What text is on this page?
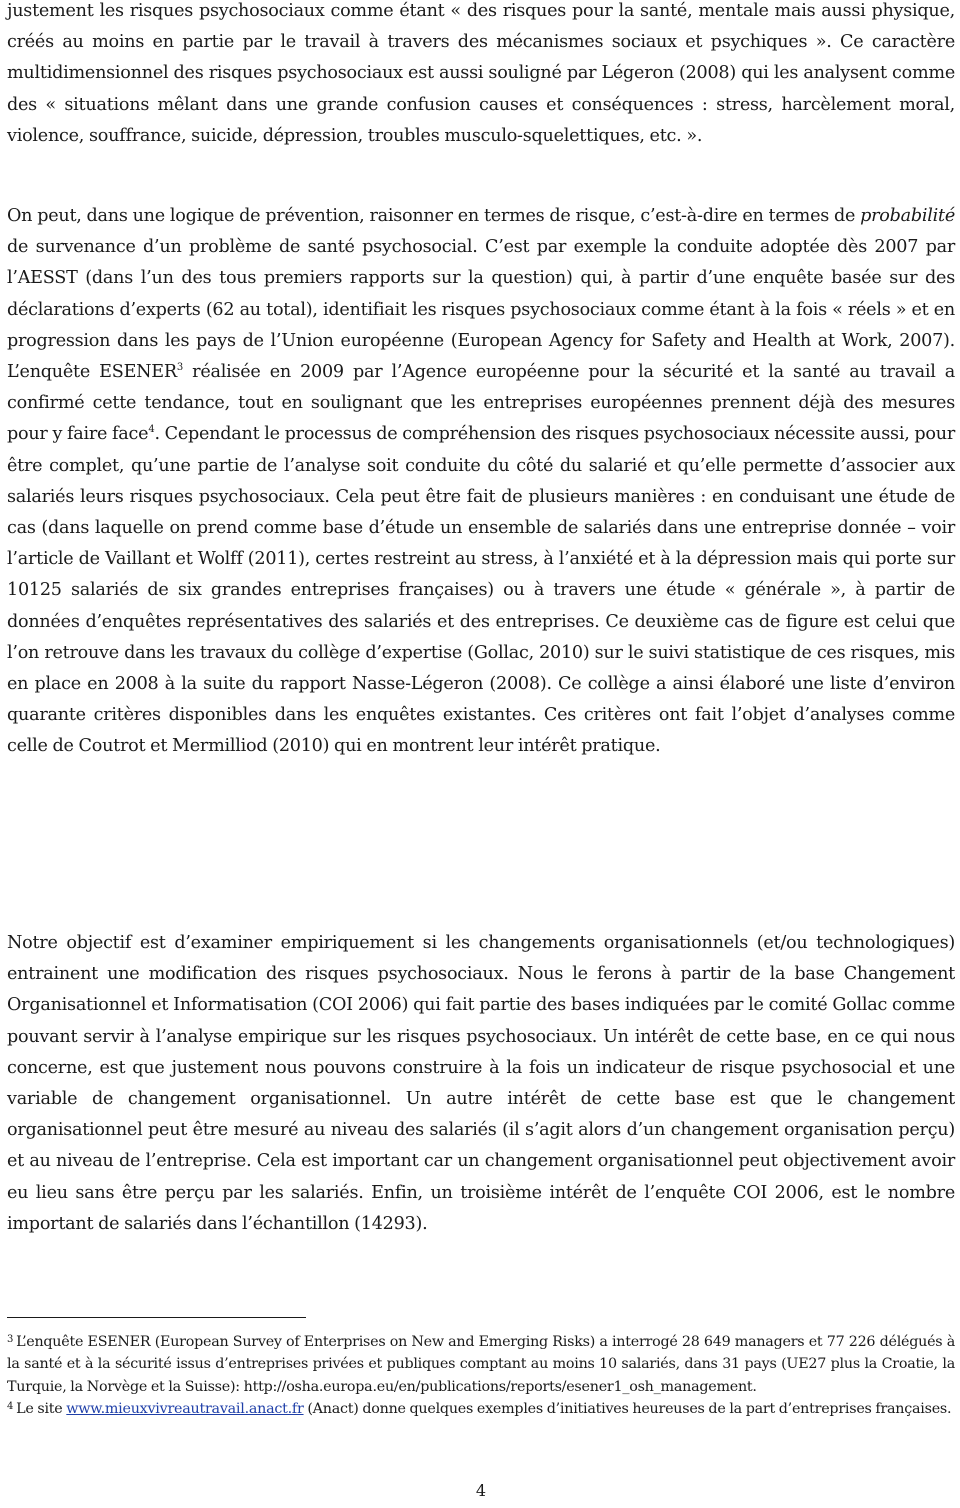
justement les risques psychosociaux comme étant « des risques pour la santé, mentale mais aussi physique, créés au moins en partie par le travail à travers des mécanismes sociaux et psychiques ». Ce caractère multidimensionnel des risques psychosociaux est aussi souligné par Légeron (2008) qui les analysent comme des « situations mêlant dans une grande confusion causes et conséquences : stress, harcèlement moral, violence, souffrance, suicide, dépression, troubles musculo-squelettiques, etc. ».

On peut, dans une logique de prévention, raisonner en termes de risque, c’est-à-dire en termes de probabilité de survenance d’un problème de santé psychosocial. C’est par exemple la conduite adoptée dès 2007 par l’AESST (dans l’un des tous premiers rapports sur la question) qui, à partir d’une enquête basée sur des déclarations d’experts (62 au total), identifiait les risques psychosociaux comme étant à la fois « réels » et en progression dans les pays de l’Union européenne (European Agency for Safety and Health at Work, 2007). L’enquête ESENER$^3$ réalisée en 2009 par l’Agence européenne pour la sécurité et la santé au travail a confirmé cette tendance, tout en soulignant que les entreprises européennes prennent déjà des mesures pour y faire face$^4$. Cependant le processus de compréhension des risques psychosociaux nécessite aussi, pour être complet, qu’une partie de l’analyse soit conduite du côté du salarié et qu’elle permette d’associer aux salariés leurs risques psychosociaux. Cela peut être fait de plusieurs manières : en conduisant une étude de cas (dans laquelle on prend comme base d’étude un ensemble de salariés dans une entreprise donnée – voir l’article de Vaillant et Wolff (2011), certes restreint au stress, à l’anxiété et à la dépression mais qui porte sur 10125 salariés de six grandes entreprises françaises) ou à travers une étude « générale », à partir de données d’enquêtes représentatives des salariés et des entreprises. Ce deuxième cas de figure est celui que l’on retrouve dans les travaux du collège d’expertise (Gollac, 2010) sur le suivi statistique de ces risques, mis en place en 2008 à la suite du rapport Nasse-Légeron (2008). Ce collège a ainsi élaboré une liste d’environ quarante critères disponibles dans les enquêtes existantes. Ces critères ont fait l’objet d’analyses comme celle de Coutrot et Mermilliod (2010) qui en montrent leur intérêt pratique.

Notre objectif est d’examiner empiriquement si les changements organisationnels (et/ou technologiques) entrainent une modification des risques psychosociaux. Nous le ferons à partir de la base Changement Organisationnel et Informatisation (COI 2006) qui fait partie des bases indiquées par le comité Gollac comme pouvant servir à l’analyse empirique sur les risques psychosociaux. Un intérêt de cette base, en ce qui nous concerne, est que justement nous pouvons construire à la fois un indicateur de risque psychosocial et une variable de changement organisationnel. Un autre intérêt de cette base est que le changement organisationnel peut être mesuré au niveau des salariés (il s’agit alors d’un changement organisation perçu) et au niveau de l’entreprise. Cela est important car un changement organisationnel peut objectivement avoir eu lieu sans être perçu par les salariés. Enfin, un troisième intérêt de l’enquête COI 2006, est le nombre important de salariés dans l’échantillon (14293).

$^3$ L’enquête ESENER (European Survey of Enterprises on New and Emerging Risks) a interrogé 28 649 managers et 77 226 délégués à la santé et à la sécurité issus d’entreprises privées et publiques comptant au moins 10 salariés, dans 31 pays (UE27 plus la Croatie, la Turquie, la Norvège et la Suisse): http://osha.europa.eu/en/publications/reports/esener1_osh_management.

$^4$ Le site www.mieuxvivreautravail.anact.fr (Anact) donne quelques exemples d’initiatives heureuses de la part d’entreprises françaises.

4
